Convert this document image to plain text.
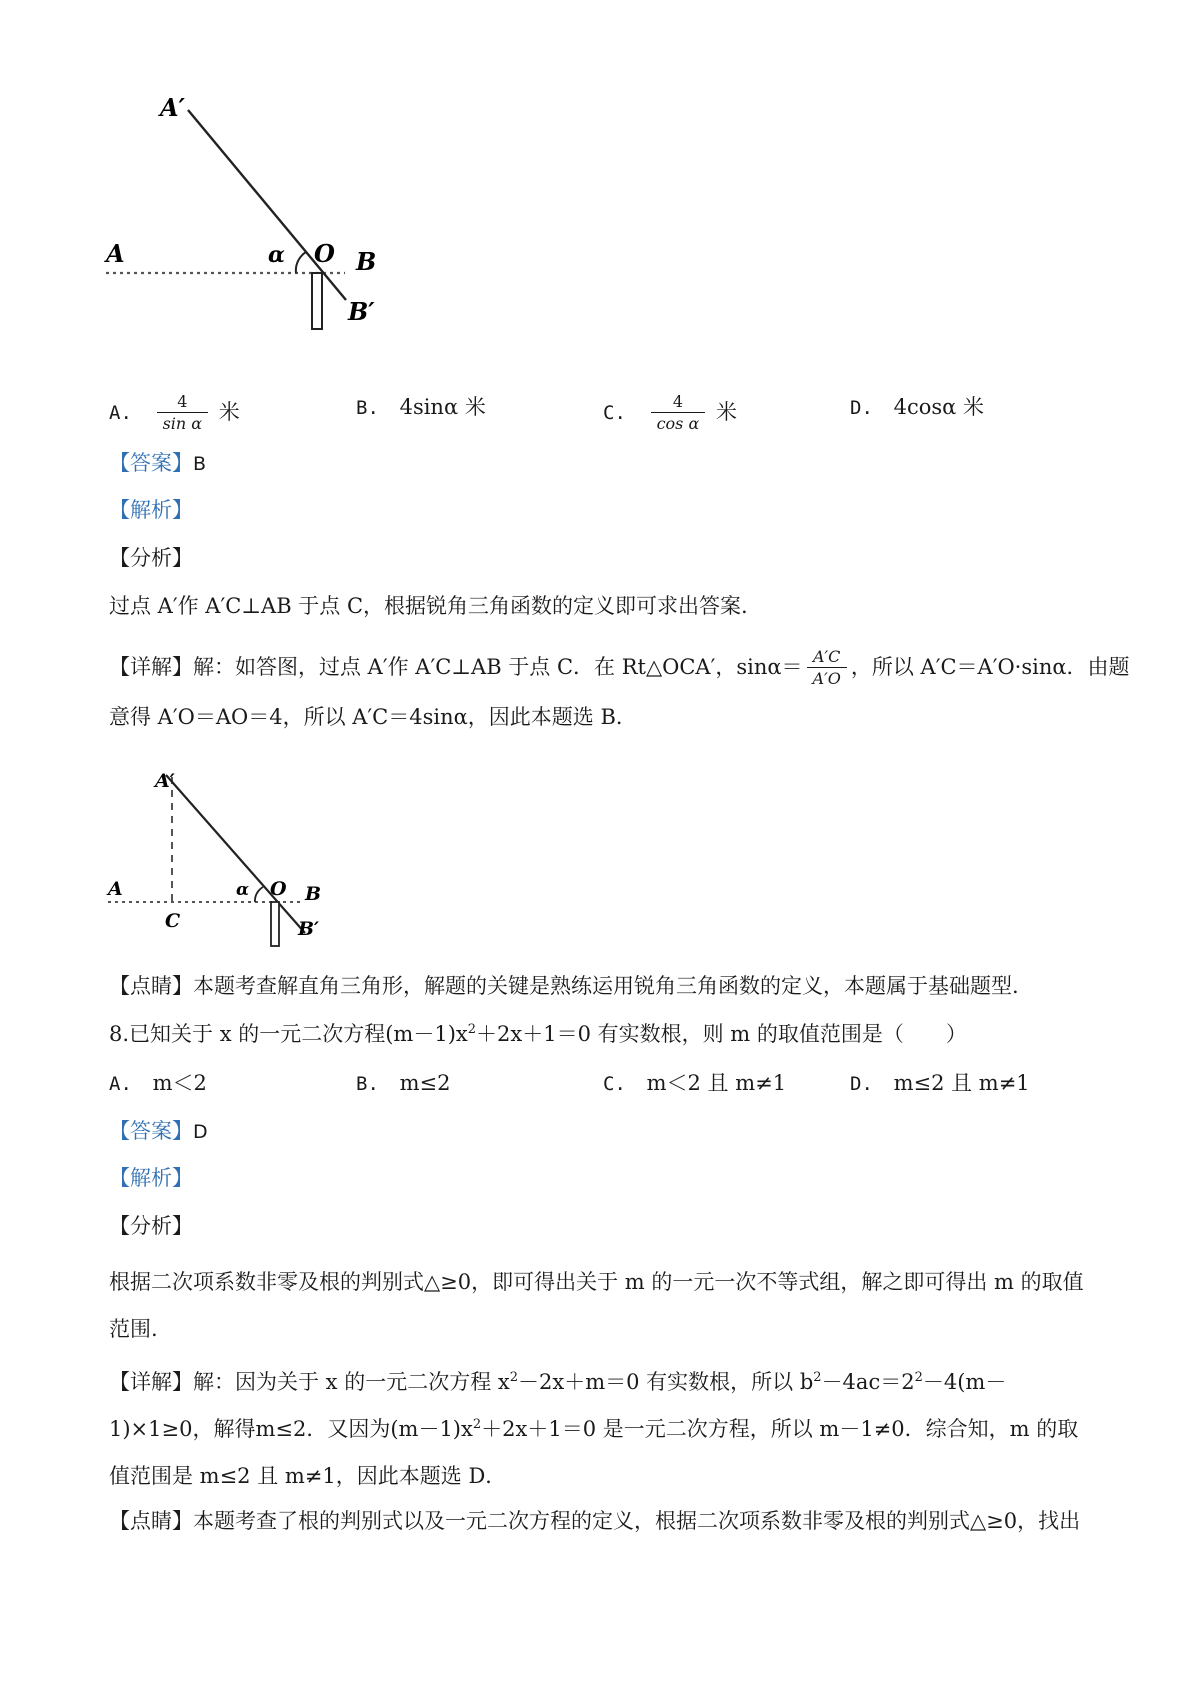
A′
A	α O B
B′
A. $\frac{4}{\text{sin α}}$ 米	B. 4sinα 米	C. $\frac{4}{\text{cos α}}$ 米	D. 4cosα 米
【答案】B
【解析】
【分析】
过点 A′作 A′C⊥AB 于点 C，根据锐角三角函数的定义即可求出答案.
【详解】解：如答图，过点 A′作 A′C⊥AB 于点 C．在 Rt△OCA′，$\sin\alpha= \frac{A'C}{A'O}$ ，所以 A′C＝A′O·sinα．由题
意得 A′O＝AO＝4，所以 A′C＝4sinα，因此本题选 B．
A′
A
C
α O B
B′
【点睛】本题考查解直角三角形，解题的关键是熟练运用锐角三角函数的定义，本题属于基础题型.
8.已知关于 x 的一元二次方程$(m-1)x^2+2x+1=0$ 有实数根，则 m 的取值范围是（　　）
A. m＜2	B. m≤2	C. m＜2 且 m≠1	D. m≤2 且 m≠1
【答案】D
【解析】
【分析】
根据二次项系数非零及根的判别式△≥0，即可得出关于 m 的一元一次不等式组，解之即可得出 m 的取值范围.
【详解】解：因为关于 x 的一元二次方程 $x^2-2x+m=0$ 有实数根，所以 $b^2-4ac=2^2-4(m-1)\times 1\ge 0$，解得m≤2．又因为$(m-1)x^2+2x+1=0$ 是一元二次方程，所以 m－1≠0．综合知，m 的取值范围是 m≤2 且 m≠1，因此本题选 D．
【点睛】本题考查了根的判别式以及一元二次方程的定义，根据二次项系数非零及根的判别式△≥0，找出
